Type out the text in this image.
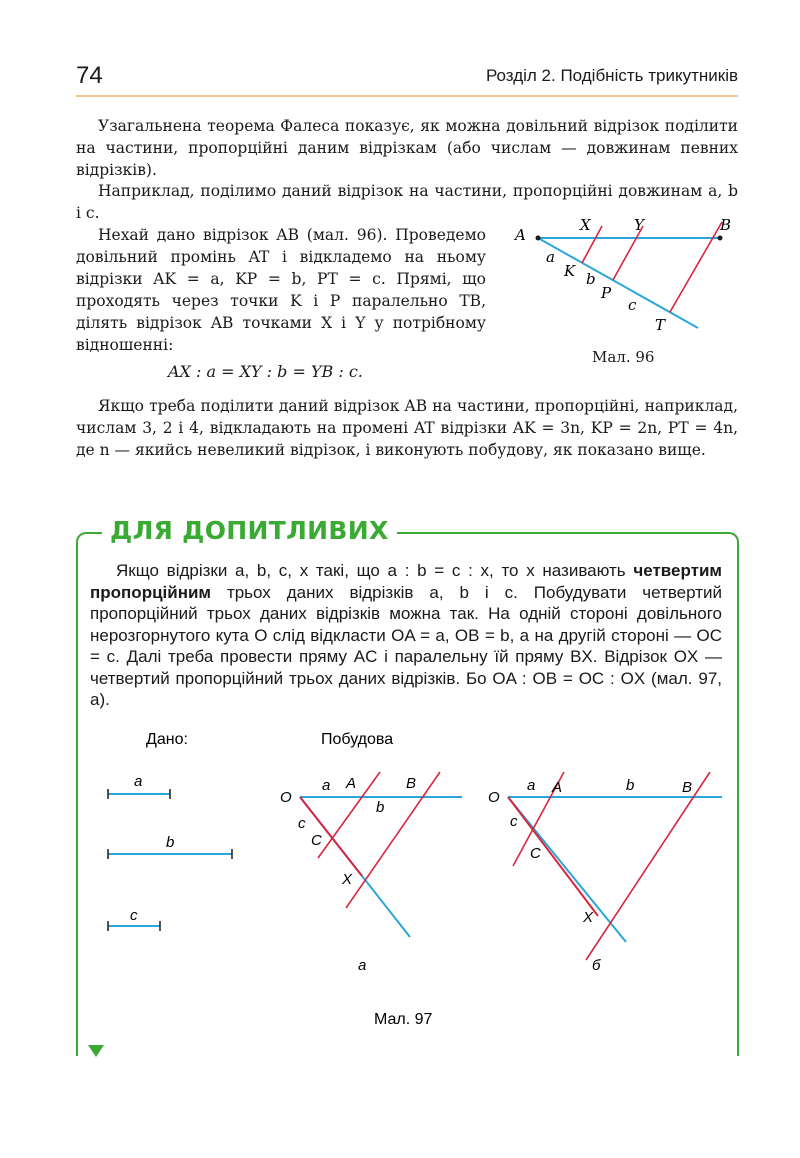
74	Розділ 2. Подібність трикутників
Узагальнена теорема Фалеса показує, як можна довільний відрізок поділити на частини, пропорційні даним відрізкам (або числам — довжинам певних відрізків).
Наприклад, поділимо даний відрізок на частини, пропорційні довжинам a, b і c.
Нехай дано відрізок AB (мал. 96). Проведемо довільний промінь AT і відкладемо на ньому відрізки AK = a, KP = b, PT = c. Прямі, що проходять через точки K і P паралельно TB, ділять відрізок AB точками X і Y у потрібному відношенні:
AX : a = XY : b = YB : c.
Якщо треба поділити даний відрізок AB на частини, пропорційні, наприклад, числам 3, 2 і 4, відкладають на промені AT відрізки AK = 3n, KP = 2n, PT = 4n, де n — якийсь невеликий відрізок, і виконують побудову, як показано вище.
A
X	Y	B
a
K b
P
c
T
Мал. 96
ДЛЯ ДОПИТЛИВИХ
Якщо відрізки a, b, c, x такі, що a : b = c : x, то x називають четвертим пропорційним трьох даних відрізків a, b і c. Побудувати четвертий пропорційний трьох даних відрізків можна так. На одній стороні довільного нерозгорнутого кута O слід відкласти OA = a, OB = b, а на другій стороні — OC = c. Далі треба провести пряму AC і паралельну їй пряму BX. Відрізок OX — четвертий пропорційний трьох даних відрізків. Бо OA : OB = OC : OX (мал. 97, a).
Дано:	Побудова
a
b
c
O
a A	B
b
c
C
X
а
O
a A	b	B
c
C
X
б
Мал. 97
